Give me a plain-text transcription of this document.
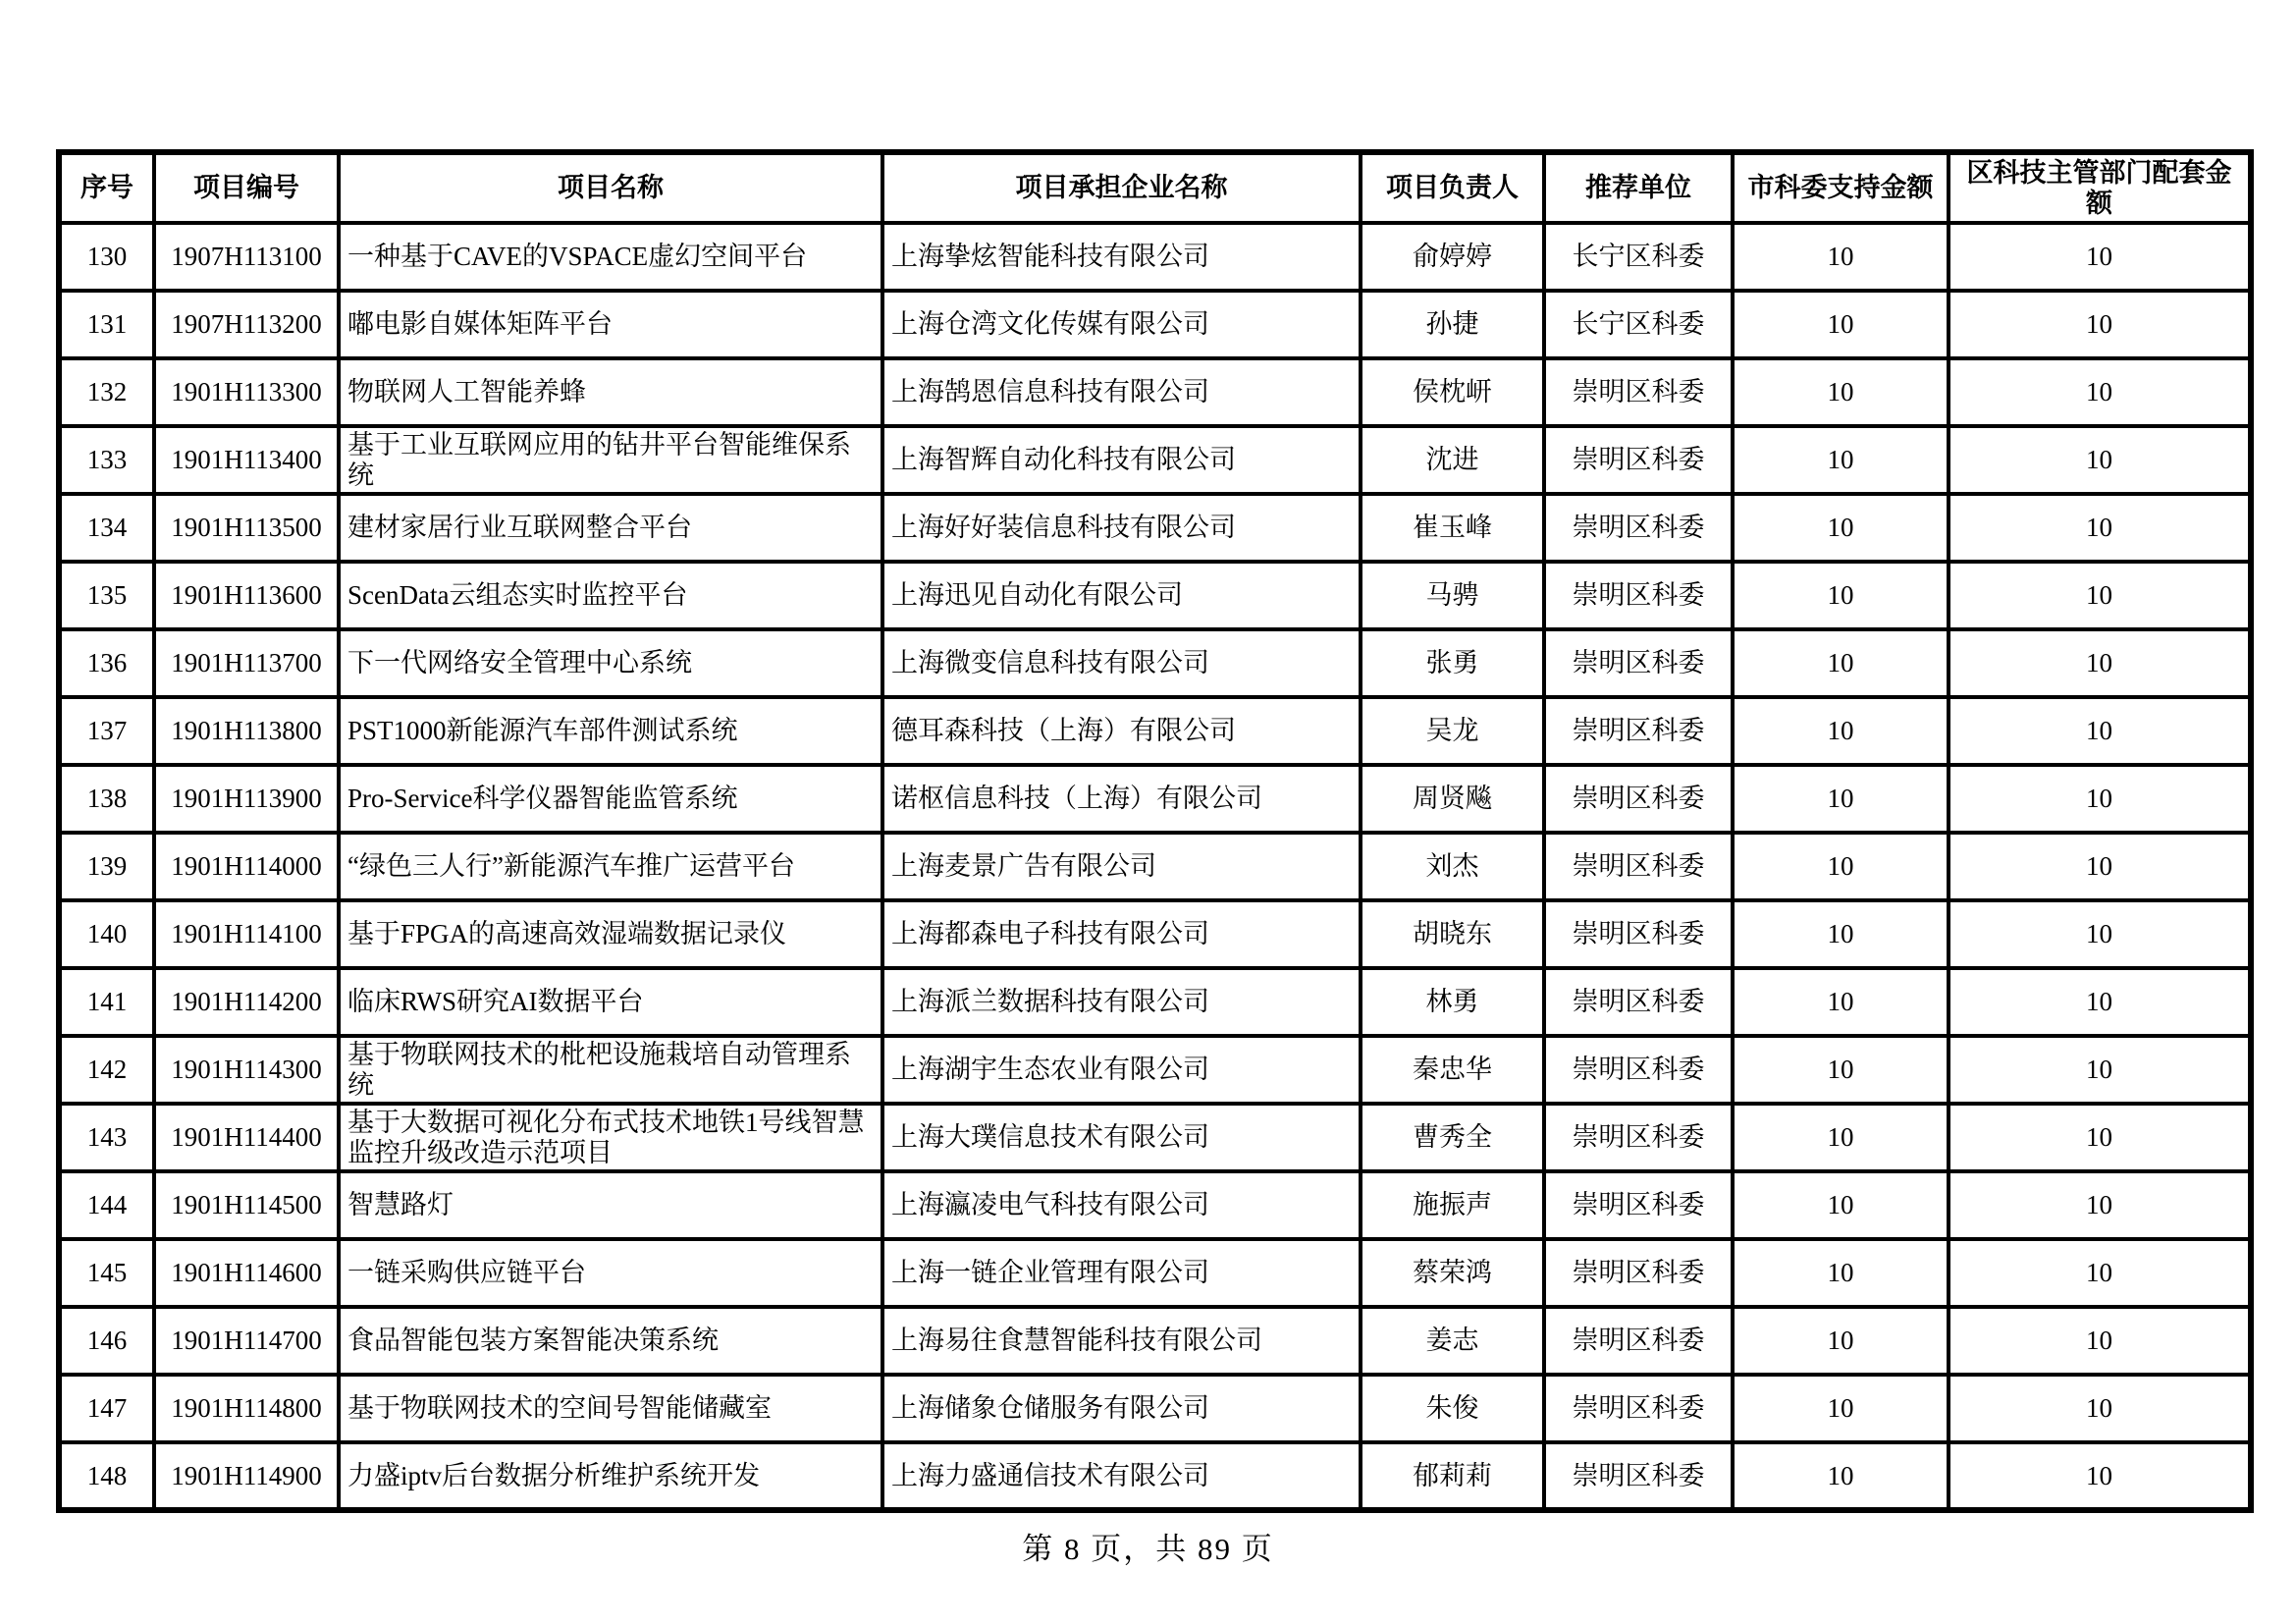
序号	项目编号	项目名称	项目承担企业名称	项目负责人	推荐单位	市科委支持金额	区科技主管部门配套金额
130	1907H113100	一种基于CAVE的VSPACE虚幻空间平台	上海挚炫智能科技有限公司	俞婷婷	长宁区科委	10	10
131	1907H113200	嘟电影自媒体矩阵平台	上海仓湾文化传媒有限公司	孙捷	长宁区科委	10	10
132	1901H113300	物联网人工智能养蜂	上海鹄恩信息科技有限公司	侯枕岍	崇明区科委	10	10
133	1901H113400	基于工业互联网应用的钻井平台智能维保系统	上海智辉自动化科技有限公司	沈进	崇明区科委	10	10
134	1901H113500	建材家居行业互联网整合平台	上海好好装信息科技有限公司	崔玉峰	崇明区科委	10	10
135	1901H113600	ScenData云组态实时监控平台	上海迅见自动化有限公司	马骋	崇明区科委	10	10
136	1901H113700	下一代网络安全管理中心系统	上海微变信息科技有限公司	张勇	崇明区科委	10	10
137	1901H113800	PST1000新能源汽车部件测试系统	德耳森科技（上海）有限公司	吴龙	崇明区科委	10	10
138	1901H113900	Pro-Service科学仪器智能监管系统	诺枢信息科技（上海）有限公司	周贤飚	崇明区科委	10	10
139	1901H114000	“绿色三人行”新能源汽车推广运营平台	上海麦景广告有限公司	刘杰	崇明区科委	10	10
140	1901H114100	基于FPGA的高速高效湿端数据记录仪	上海都森电子科技有限公司	胡晓东	崇明区科委	10	10
141	1901H114200	临床RWS研究AI数据平台	上海派兰数据科技有限公司	林勇	崇明区科委	10	10
142	1901H114300	基于物联网技术的枇杷设施栽培自动管理系统	上海湖宇生态农业有限公司	秦忠华	崇明区科委	10	10
143	1901H114400	基于大数据可视化分布式技术地铁1号线智慧监控升级改造示范项目	上海大璞信息技术有限公司	曹秀全	崇明区科委	10	10
144	1901H114500	智慧路灯	上海瀛凌电气科技有限公司	施振声	崇明区科委	10	10
145	1901H114600	一链采购供应链平台	上海一链企业管理有限公司	蔡荣鸿	崇明区科委	10	10
146	1901H114700	食品智能包装方案智能决策系统	上海易往食慧智能科技有限公司	姜志	崇明区科委	10	10
147	1901H114800	基于物联网技术的空间号智能储藏室	上海储象仓储服务有限公司	朱俊	崇明区科委	10	10
148	1901H114900	力盛iptv后台数据分析维护系统开发	上海力盛通信技术有限公司	郁莉莉	崇明区科委	10	10
第 8 页，共 89 页
